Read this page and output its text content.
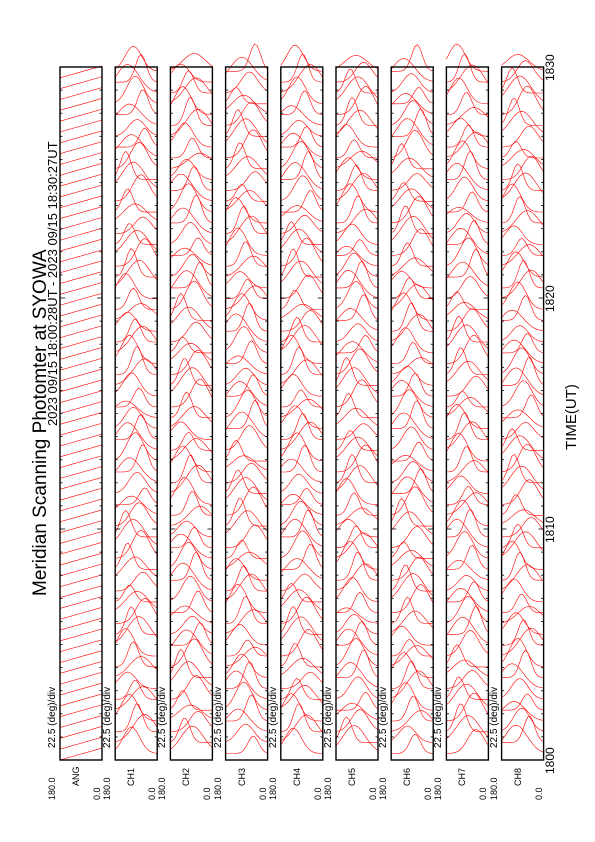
Meridian Scanning Photomter at SYOWA
2023 09/15 18:00:28UT - 2023 09/15 18:30:27UT	TIME(UT)
1800
1810
1820
1830
22.5 (deg)/div
180.0	0.0
ANG
22.5 (deg)/div
180.0	0.0
CH1
22.5 (deg)/div
180.0	0.0
CH2
22.5 (deg)/div
180.0	0.0
CH3
22.5 (deg)/div
180.0	0.0
CH4
22.5 (deg)/div
180.0	0.0
CH5
22.5 (deg)/div
180.0	0.0
CH6
22.5 (deg)/div
180.0	0.0
CH7
22.5 (deg)/div
180.0	0.0
CH8
